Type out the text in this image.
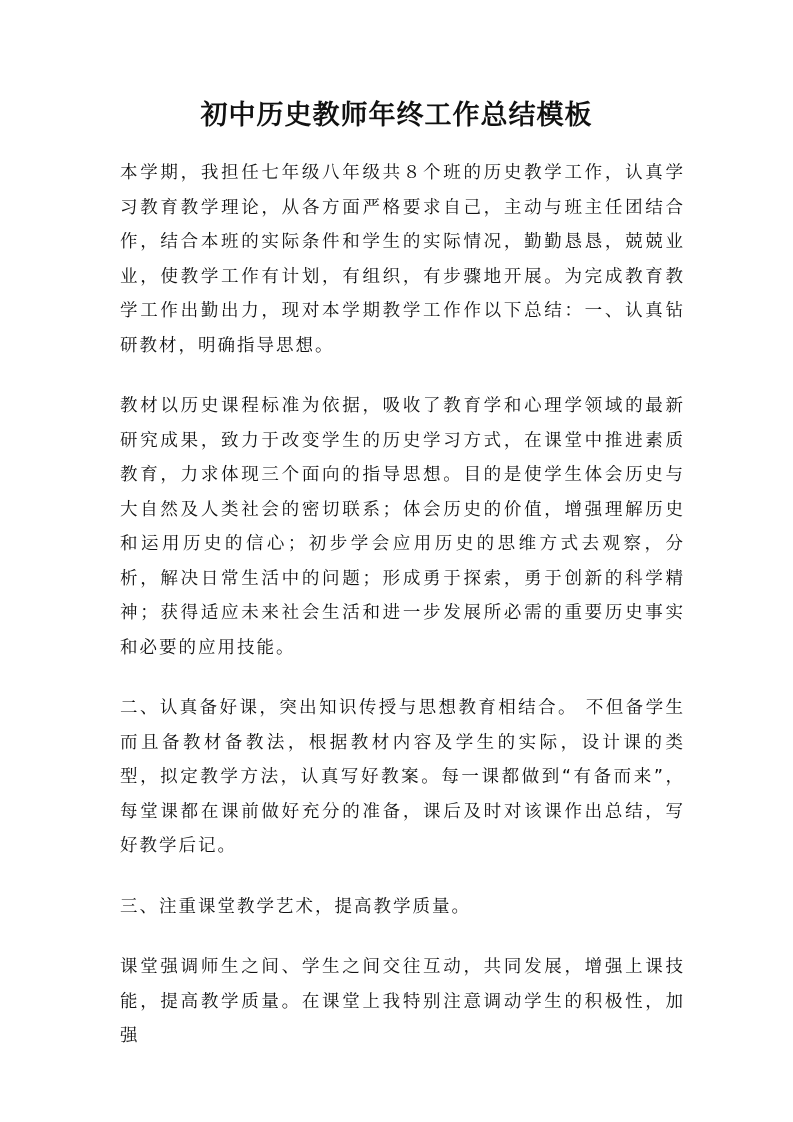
初中历史教师年终工作总结模板

本学期，我担任七年级八年级共８个班的历史教学工作，认真学习教育教学理论，从各方面严格要求自己，主动与班主任团结合作，结合本班的实际条件和学生的实际情况，勤勤恳恳，兢兢业业，使教学工作有计划，有组织，有步骤地开展。为完成教育教学工作出勤出力，现对本学期教学工作作以下总结：一、认真钻研教材，明确指导思想。

教材以历史课程标准为依据，吸收了教育学和心理学领域的最新研究成果，致力于改变学生的历史学习方式，在课堂中推进素质教育，力求体现三个面向的指导思想。目的是使学生体会历史与大自然及人类社会的密切联系；体会历史的价值，增强理解历史和运用历史的信心；初步学会应用历史的思维方式去观察，分析，解决日常生活中的问题；形成勇于探索，勇于创新的科学精神；获得适应未来社会生活和进一步发展所必需的重要历史事实和必要的应用技能。

二、认真备好课，突出知识传授与思想教育相结合。 不但备学生而且备教材备教法，根据教材内容及学生的实际，设计课的类型，拟定教学方法，认真写好教案。每一课都做到“有备而来”，每堂课都在课前做好充分的准备，课后及时对该课作出总结，写好教学后记。

三、注重课堂教学艺术，提高教学质量。

课堂强调师生之间、学生之间交往互动，共同发展，增强上课技能，提高教学质量。在课堂上我特别注意调动学生的积极性，加强
